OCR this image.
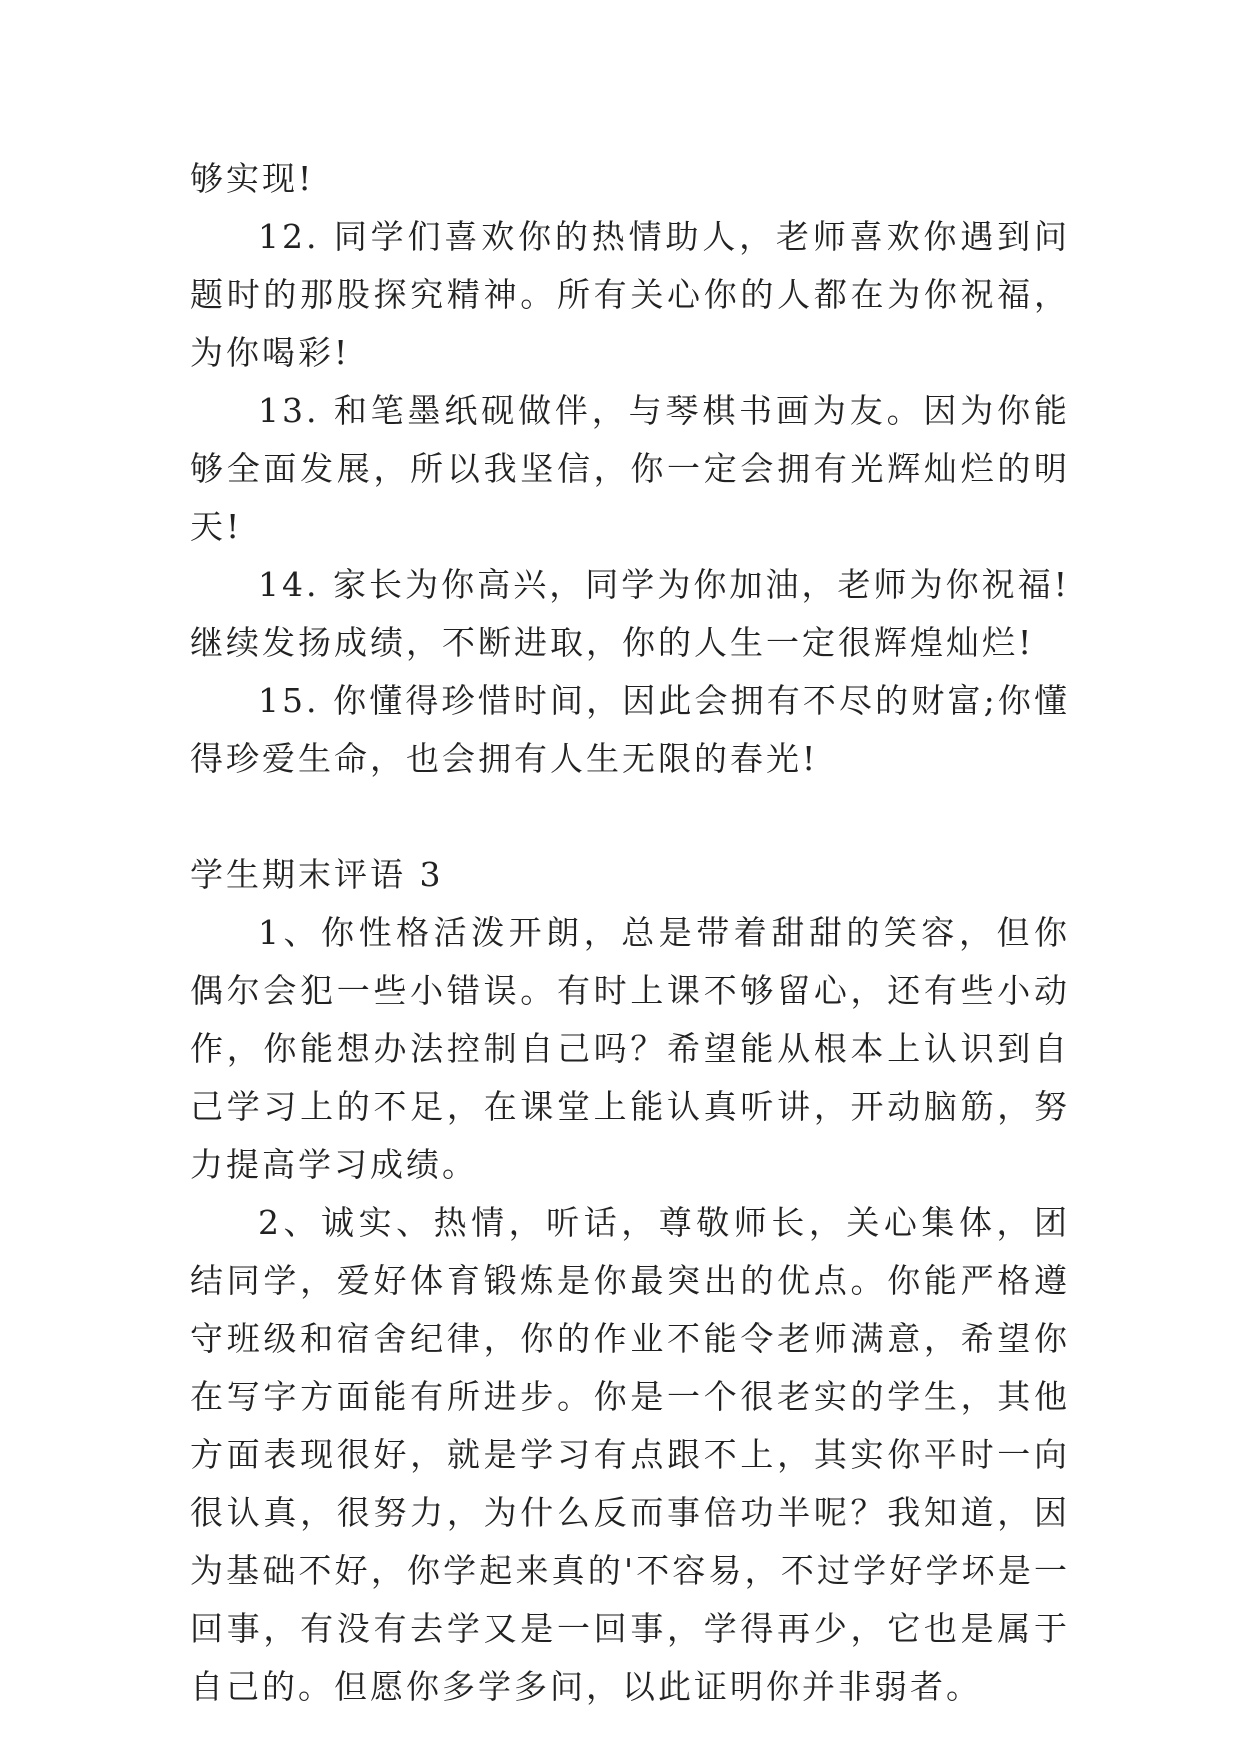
够实现!

12. 同学们喜欢你的热情助人，老师喜欢你遇到问题时的那股探究精神。所有关心你的人都在为你祝福，为你喝彩!

13. 和笔墨纸砚做伴，与琴棋书画为友。因为你能够全面发展，所以我坚信，你一定会拥有光辉灿烂的明天!

14. 家长为你高兴，同学为你加油，老师为你祝福!继续发扬成绩，不断进取，你的人生一定很辉煌灿烂!

15. 你懂得珍惜时间，因此会拥有不尽的财富;你懂得珍爱生命，也会拥有人生无限的春光!

学生期末评语 3

1、你性格活泼开朗，总是带着甜甜的笑容，但你偶尔会犯一些小错误。有时上课不够留心，还有些小动作，你能想办法控制自己吗？希望能从根本上认识到自己学习上的不足，在课堂上能认真听讲，开动脑筋，努力提高学习成绩。

2、诚实、热情，听话，尊敬师长，关心集体，团结同学，爱好体育锻炼是你最突出的优点。你能严格遵守班级和宿舍纪律，你的作业不能令老师满意，希望你在写字方面能有所进步。你是一个很老实的学生，其他方面表现很好，就是学习有点跟不上，其实你平时一向很认真，很努力，为什么反而事倍功半呢？我知道，因为基础不好，你学起来真的'不容易，不过学好学坏是一回事，有没有去学又是一回事，学得再少，它也是属于自己的。但愿你多学多问，以此证明你并非弱者。
